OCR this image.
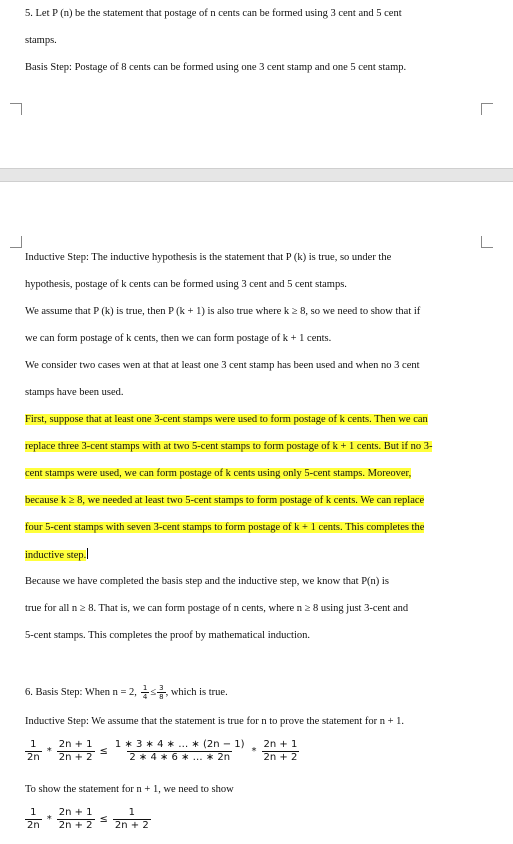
5. Let P (n) be the statement that postage of n cents can be formed using 3 cent and 5 cent
stamps.
Basis Step: Postage of 8 cents can be formed using one 3 cent stamp and one 5 cent stamp.
Inductive Step: The inductive hypothesis is the statement that P (k) is true, so under the
hypothesis, postage of k cents can be formed using 3 cent and 5 cent stamps.
We assume that P (k) is true, then P (k + 1) is also true where k ≥ 8, so we need to show that if
we can form postage of k cents, then we can form postage of k + 1 cents.
We consider two cases wen at that at least one 3 cent stamp has been used and when no 3 cent
stamps have been used.
First, suppose that at least one 3-cent stamps were used to form postage of k cents. Then we can
replace three 3-cent stamps with at two 5-cent stamps to form postage of k + 1 cents. But if no 3-
cent stamps were used, we can form postage of k cents using only 5-cent stamps. Moreover,
because k ≥ 8, we needed at least two 5-cent stamps to form postage of k cents. We can replace
four 5-cent stamps with seven 3-cent stamps to form postage of k + 1 cents. This completes the
inductive step.
Because we have completed the basis step and the inductive step, we know that P(n) is
true for all n ≥ 8. That is, we can form postage of n cents, where n ≥ 8 using just 3-cent and
5-cent stamps. This completes the proof by mathematical induction.
6. Basis Step: When n = 2, $\frac{1}{4} \le \frac{3}{8}$ , which is true.
Inductive Step: We assume that the statement is true for n to prove the statement for n + 1.
$\frac{1}{2n} * \frac{2n + 1}{2n + 2} \le \frac{1 ∗ 3 ∗ 4 ∗ \dots ∗ (2n - 1)}{2 ∗ 4 ∗ 6 ∗ \dots ∗ 2n} * \frac{2n + 1}{2n + 2}$
To show the statement for n + 1, we need to show
$\frac{1}{2n} * \frac{2n + 1}{2n + 2} \le \frac{1}{2n + 2}$
